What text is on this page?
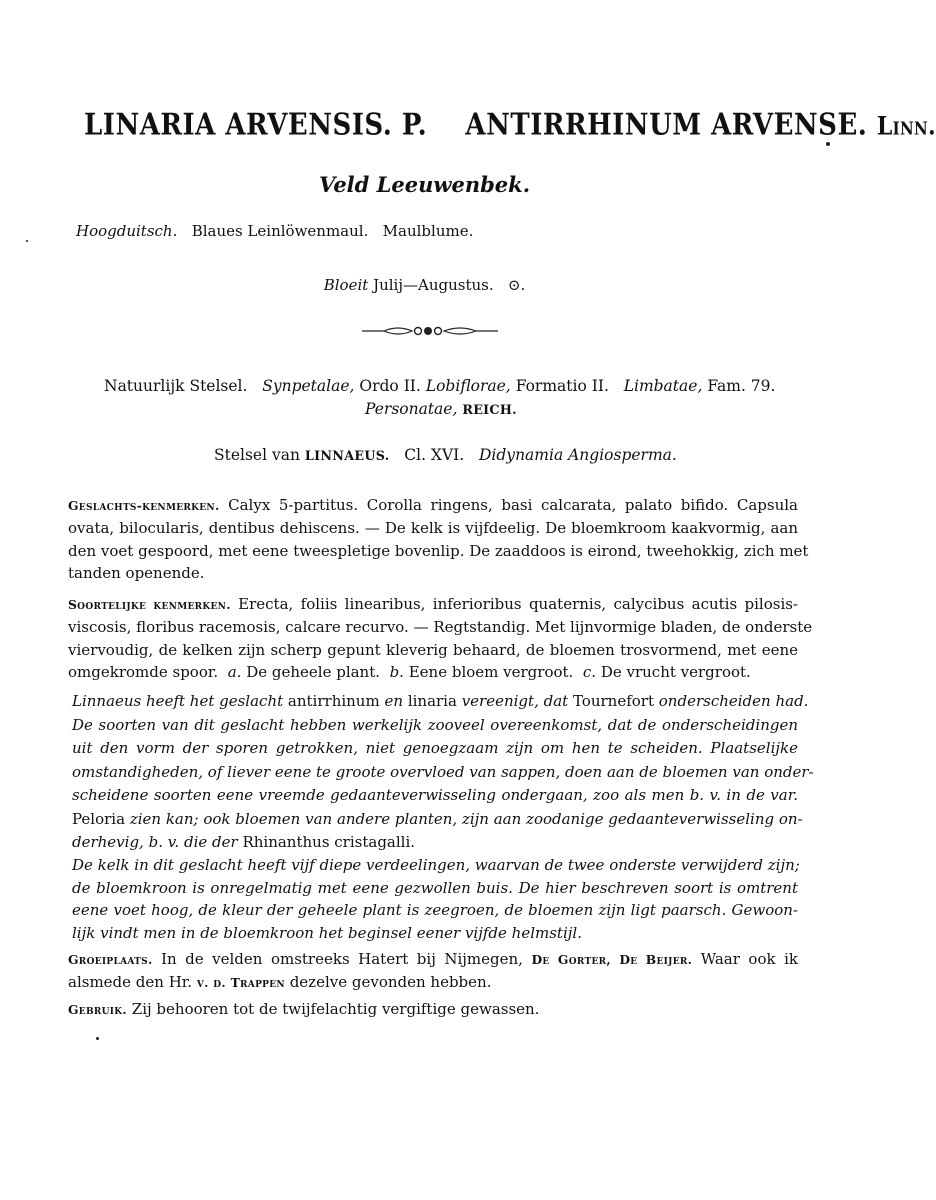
LINARIA ARVENSIS. P. ANTIRRHINUM ARVENSE. Linn.
Veld Leeuwenbek.
Hoogduitsch. Blaues Leinlöwenmaul. Maulblume.
Bloeit Julij—Augustus. ⊙.
Natuurlijk Stelsel. Synpetalae, Ordo II. Lobiflorae, Formatio II. Limbatae, Fam. 79.
Personatae, REICH.
Stelsel van LINNAEUS. Cl. XVI. Didynamia Angiosperma.
Geslachts-kenmerken. Calyx 5-partitus. Corolla ringens, basi calcarata, palato bifido. Capsula
ovata, bilocularis, dentibus dehiscens. — De kelk is vijfdeelig. De bloemkroom kaakvormig, aan
den voet gespoord, met eene tweespletige bovenlip. De zaaddoos is eirond, tweehokkig, zich met
tanden openende.
Soortelijke kenmerken. Erecta, foliis linearibus, inferioribus quaternis, calycibus acutis pilosis-
viscosis, floribus racemosis, calcare recurvo. — Regtstandig. Met lijnvormige bladen, de onderste
viervoudig, de kelken zijn scherp gepunt kleverig behaard, de bloemen trosvormend, met eene
omgekromde spoor. a. De geheele plant. b. Eene bloem vergroot. c. De vrucht vergroot.
Linnaeus heeft het geslacht antirrhinum en linaria vereenigt, dat Tournefort onderscheiden had.
De soorten van dit geslacht hebben werkelijk zooveel overeenkomst, dat de onderscheidingen
uit den vorm der sporen getrokken, niet genoegzaam zijn om hen te scheiden. Plaatselijke
omstandigheden, of liever eene te groote overvloed van sappen, doen aan de bloemen van onder-
scheidene soorten eene vreemde gedaanteverwisseling ondergaan, zoo als men b. v. in de var.
Peloria zien kan; ook bloemen van andere planten, zijn aan zoodanige gedaanteverwisseling on-
derhevig, b. v. die der Rhinanthus cristagalli.
De kelk in dit geslacht heeft vijf diepe verdeelingen, waarvan de twee onderste verwijderd zijn;
de bloemkroon is onregelmatig met eene gezwollen buis. De hier beschreven soort is omtrent
eene voet hoog, de kleur der geheele plant is zeegroen, de bloemen zijn ligt paarsch. Gewoon-
lijk vindt men in de bloemkroon het beginsel eener vijfde helmstijl.
Groeiplaats. In de velden omstreeks Hatert bij Nijmegen, De Gorter, De Beijer. Waar ook ik
alsmede den Hr. v. d. Trappen dezelve gevonden hebben.
Gebruik. Zij behooren tot de twijfelachtig vergiftige gewassen.
